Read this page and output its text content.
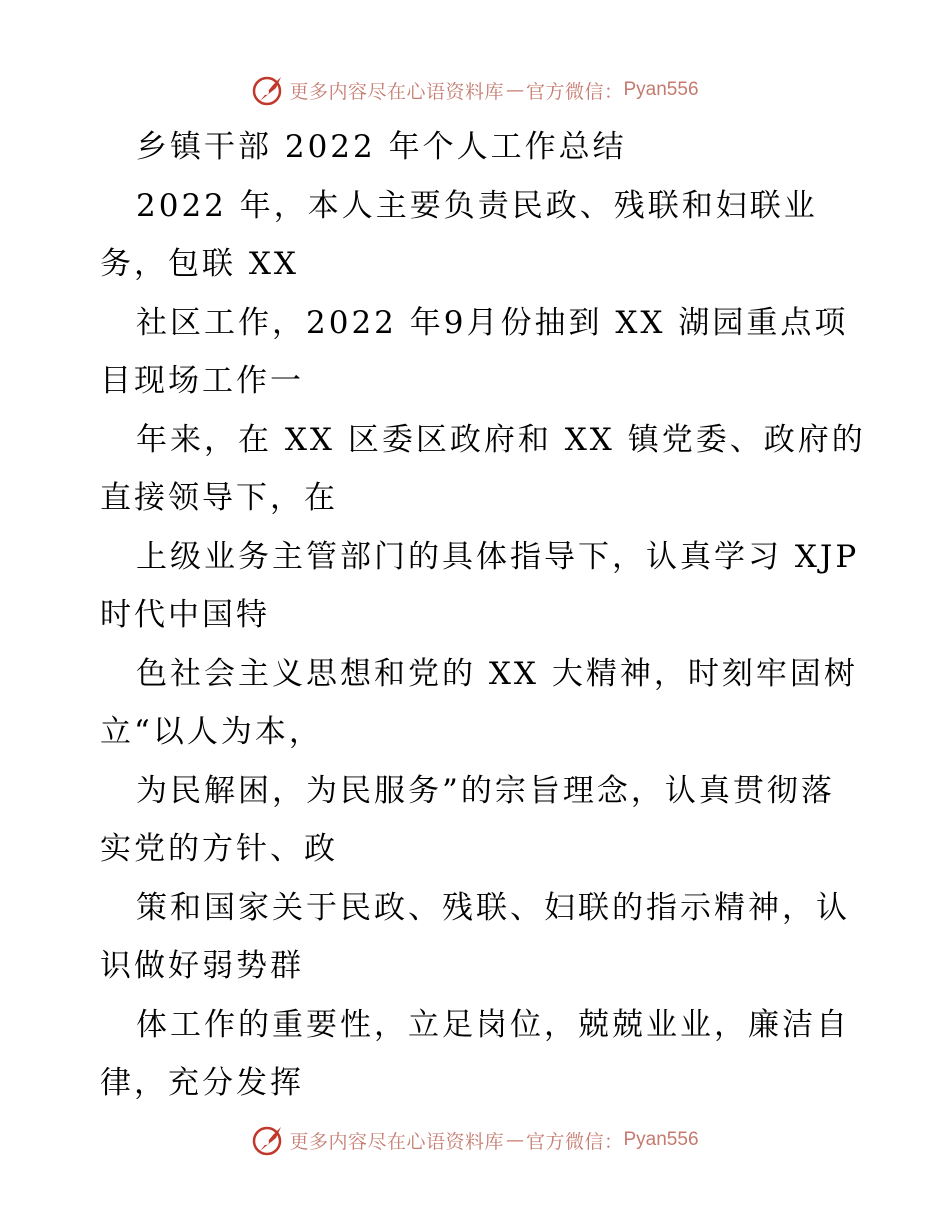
更多内容尽在心语资料库 — 官方微信： Pyan556
乡镇干部 2022 年个人工作总结
2022 年，本人主要负责民政、残联和妇联业
务，包联 XX
社区工作，2022 年9月份抽到 XX 湖园重点项
目现场工作一
年来，在 XX 区委区政府和 XX 镇党委、政府的
直接领导下，在
上级业务主管部门的具体指导下，认真学习 XJP
时代中国特
色社会主义思想和党的 XX 大精神，时刻牢固树
立“以人为本，
为民解困，为民服务”的宗旨理念，认真贯彻落
实党的方针、政
策和国家关于民政、残联、妇联的指示精神，认
识做好弱势群
体工作的重要性，立足岗位，兢兢业业，廉洁自
律，充分发挥
更多内容尽在心语资料库 — 官方微信： Pyan556
